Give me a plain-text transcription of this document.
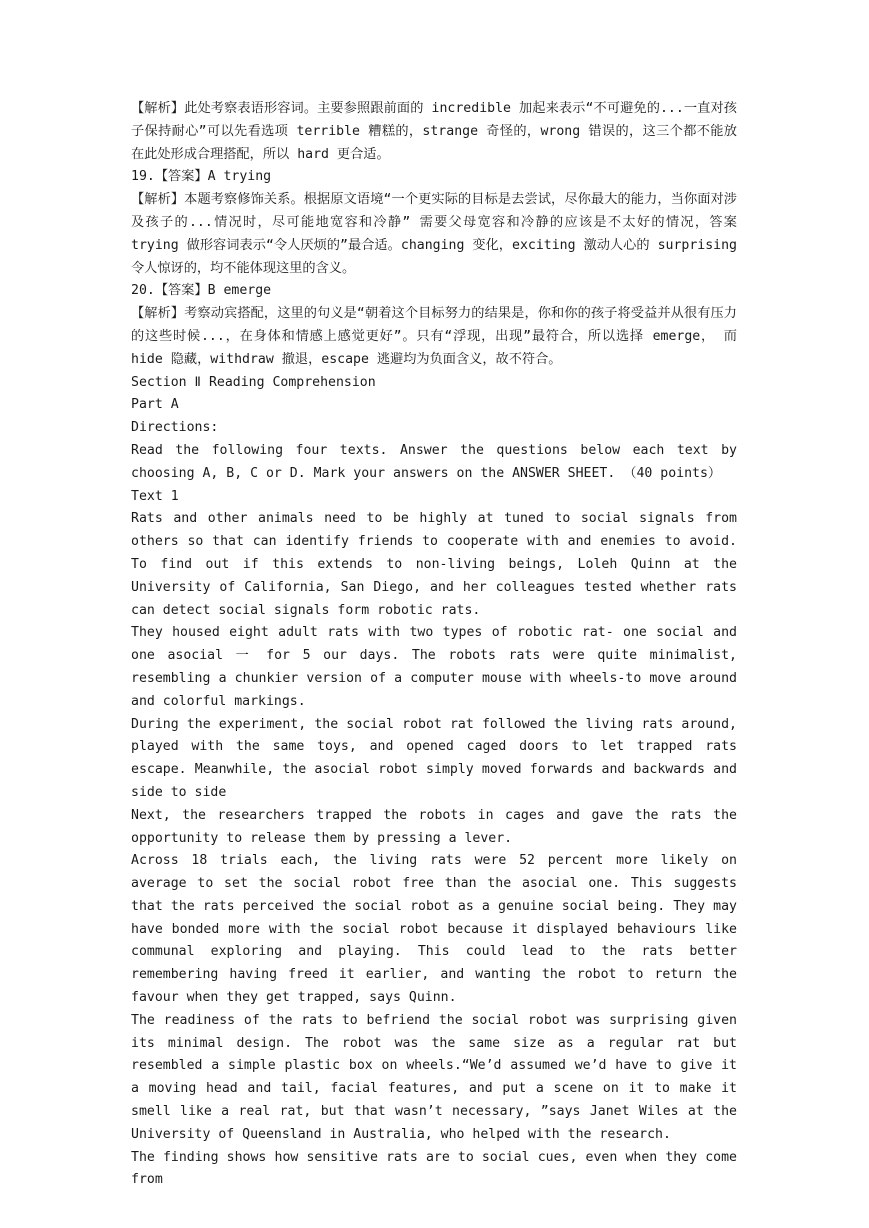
【解析】此处考察表语形容词。主要参照跟前面的 incredible 加起来表示“不可避免的...一直对孩子保持耐心”可以先看选项 terrible 糟糕的，strange 奇怪的，wrong 错误的，这三个都不能放在此处形成合理搭配，所以 hard 更合适。

19.【答案】A trying

【解析】本题考察修饰关系。根据原文语境“一个更实际的目标是去尝试，尽你最大的能力，当你面对涉及孩子的...情况时，尽可能地宽容和冷静” 需要父母宽容和冷静的应该是不太好的情况，答案 trying 做形容词表示“令人厌烦的”最合适。changing 变化，exciting 激动人心的 surprising 令人惊讶的，均不能体现这里的含义。

20.【答案】B emerge

【解析】考察动宾搭配，这里的句义是“朝着这个目标努力的结果是，你和你的孩子将受益并从很有压力的这些时候...，在身体和情感上感觉更好”。只有“浮现，出现”最符合，所以选择 emerge， 而 hide 隐藏，withdraw 撤退，escape 逃避均为负面含义，故不符合。

Section Ⅱ Reading Comprehension

Part A

Directions:

Read the following four texts. Answer the questions below each text by choosing A, B, C or D. Mark your answers on the ANSWER SHEET. （40 points）

Text 1

Rats and other animals need to be highly at tuned to social signals from others so that can identify friends to cooperate with and enemies to avoid. To find out if this extends to non-living beings, Loleh Quinn at the University of California, San Diego, and her colleagues tested whether rats can detect social signals form robotic rats.

They housed eight adult rats with two types of robotic rat- one social and one asocial 一 for 5 our days. The robots rats were quite minimalist, resembling a chunkier version of a computer mouse with wheels-to move around and colorful markings.

During the experiment, the social robot rat followed the living rats around, played with the same toys, and opened caged doors to let trapped rats escape. Meanwhile, the asocial robot simply moved forwards and backwards and side to side

Next, the researchers trapped the robots in cages and gave the rats the opportunity to release them by pressing a lever.

Across 18 trials each, the living rats were 52 percent more likely on average to set the social robot free than the asocial one. This suggests that the rats perceived the social robot as a genuine social being. They may have bonded more with the social robot because it displayed behaviours like communal exploring and playing. This could lead to the rats better remembering having freed it earlier, and wanting the robot to return the favour when they get trapped, says Quinn.

The readiness of the rats to befriend the social robot was surprising given its minimal design. The robot was the same size as a regular rat but resembled a simple plastic box on wheels.“We’d assumed we’d have to give it a moving head and tail, facial features, and put a scene on it to make it smell like a real rat, but that wasn’t necessary, ”says Janet Wiles at the University of Queensland in Australia, who helped with the research.

The finding shows how sensitive rats are to social cues, even when they come from
